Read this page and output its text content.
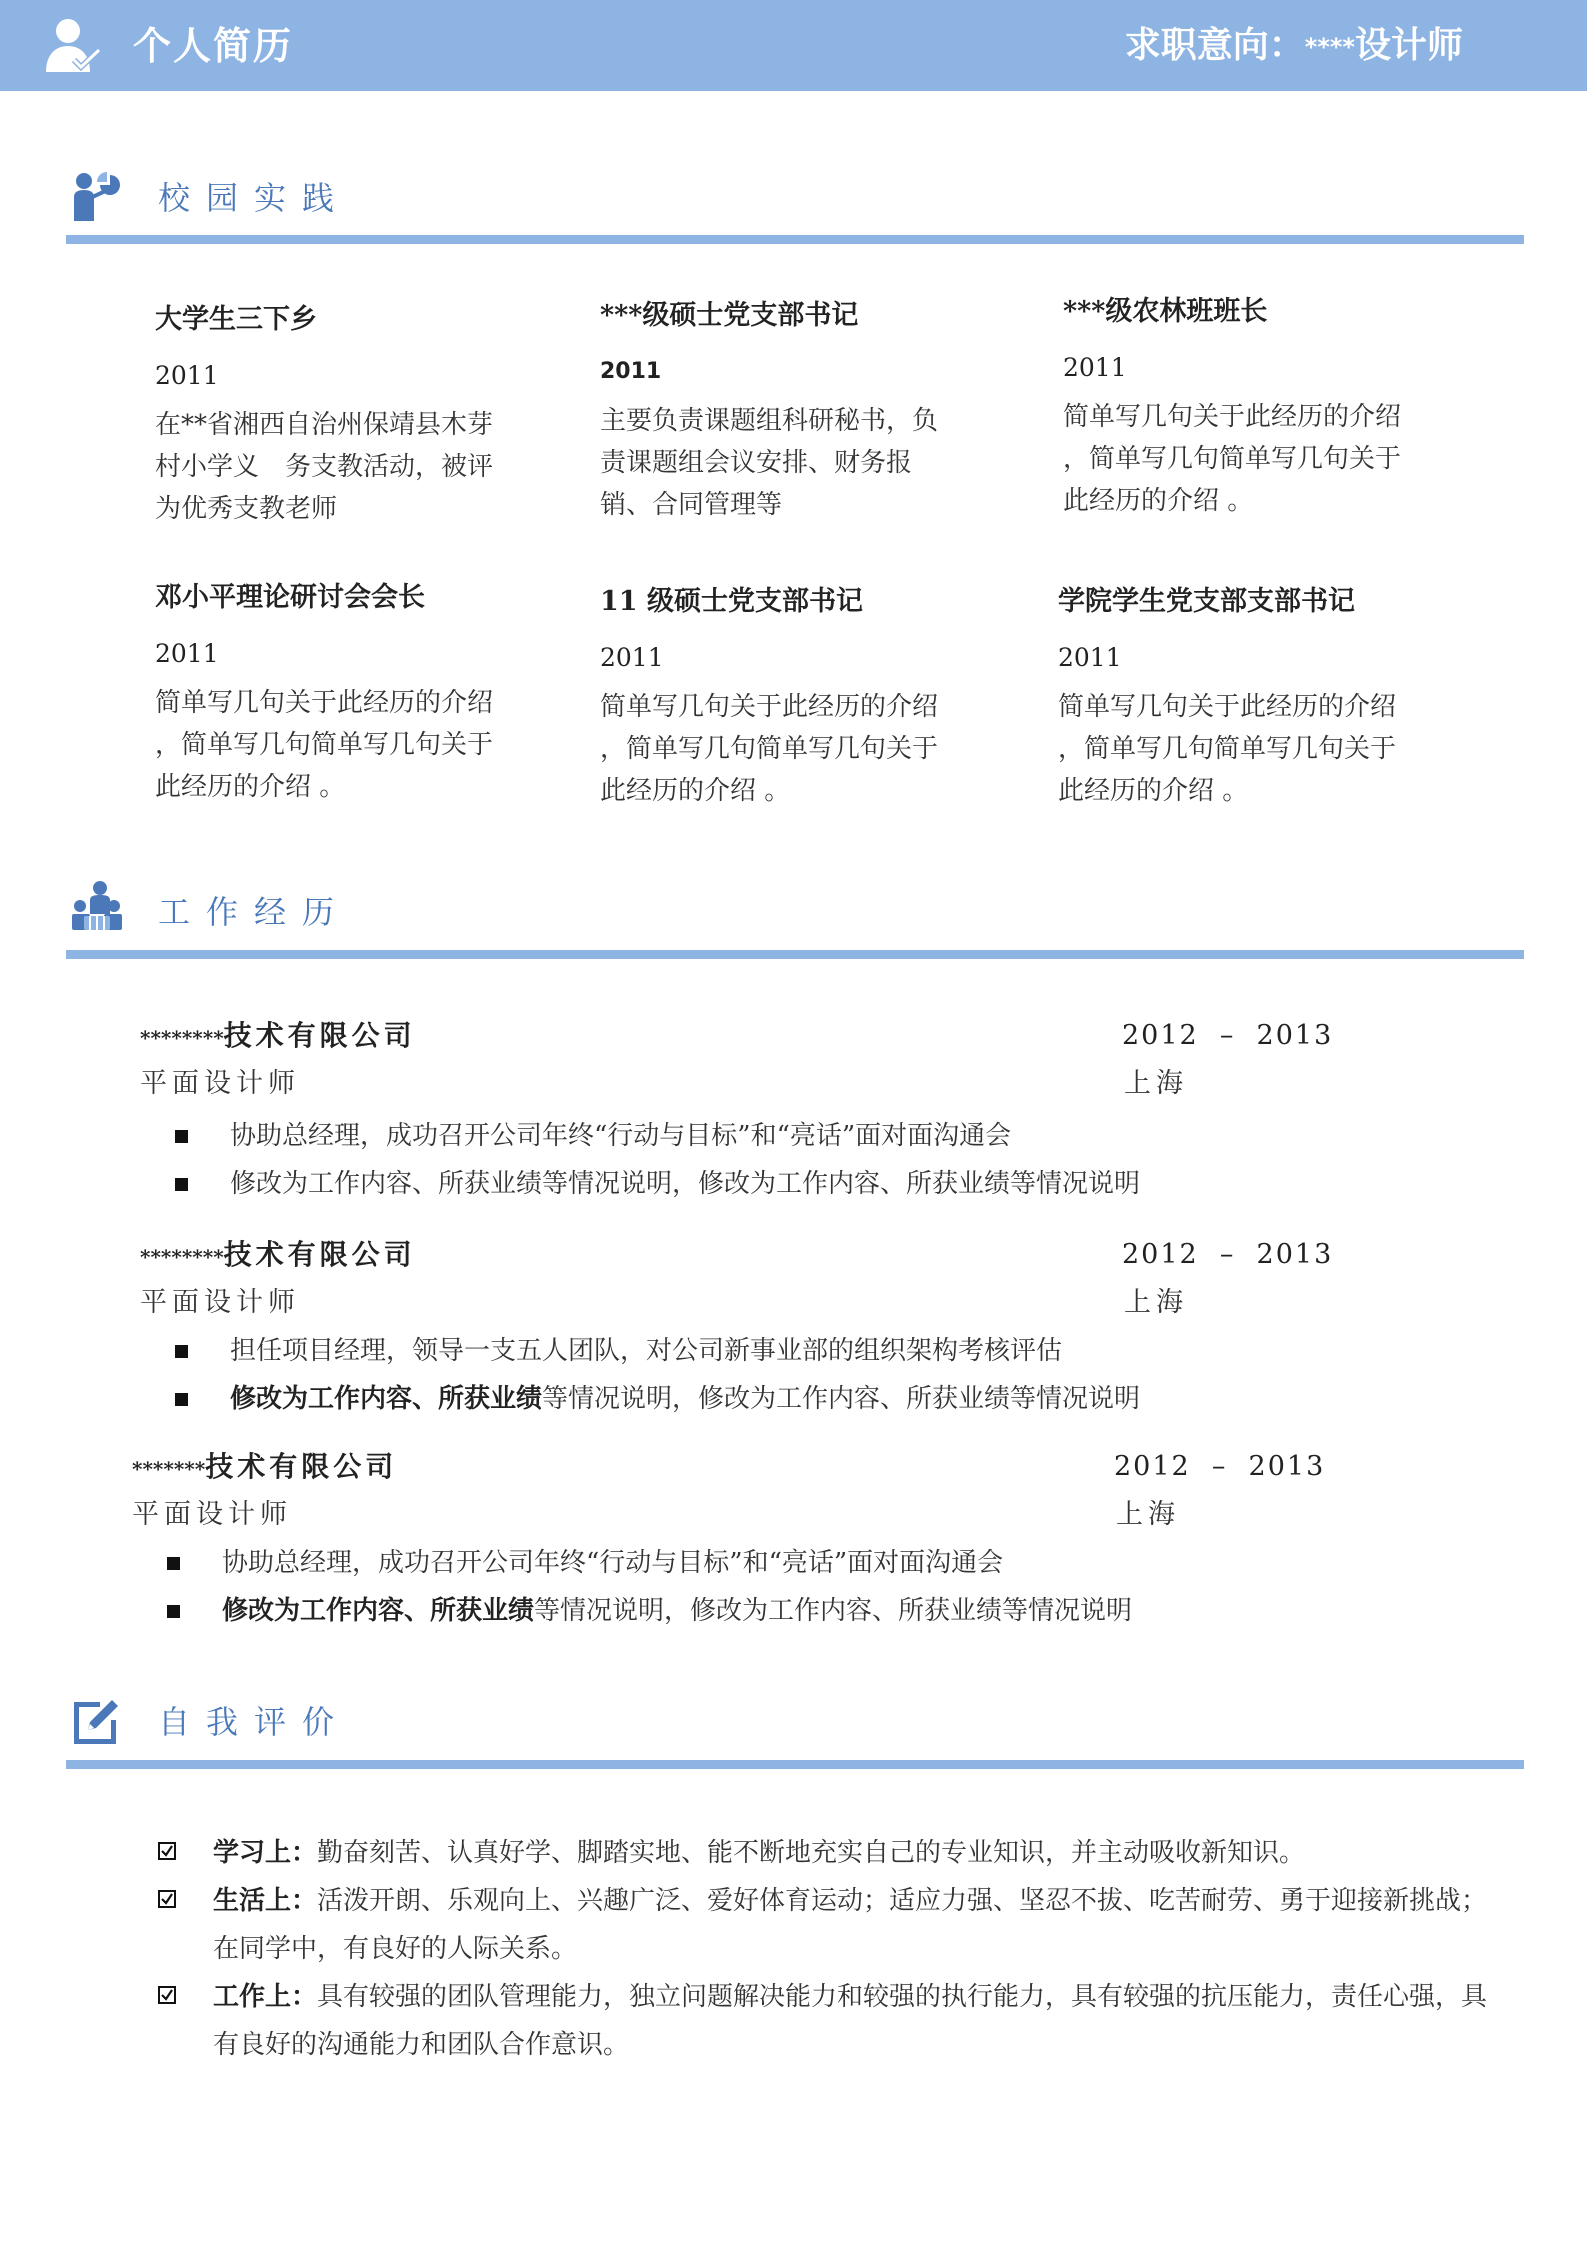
个人简历	求职意向：****设计师
校园实践
大学生三下乡
2011
在**省湘西自治州保靖县木芽村小学义　务支教活动，被评为优秀支教老师
***级硕士党支部书记
2011
主要负责课题组科研秘书，负责课题组会议安排、财务报销、合同管理等
***级农林班班长
2011
简单写几句关于此经历的介绍 ，简单写几句简单写几句关于此经历的介绍 。
邓小平理论研讨会会长
2011
简单写几句关于此经历的介绍 ，简单写几句简单写几句关于此经历的介绍 。
11 级硕士党支部书记
2011
简单写几句关于此经历的介绍 ，简单写几句简单写几句关于此经历的介绍 。
学院学生党支部支部书记
2011
简单写几句关于此经历的介绍 ，简单写几句简单写几句关于此经历的介绍 。
工作经历
********技术有限公司	2012  –  2013
平面设计师	上海
协助总经理，成功召开公司年终“行动与目标”和“亮话”面对面沟通会
修改为工作内容、所获业绩等情况说明，修改为工作内容、所获业绩等情况说明
********技术有限公司	2012  –  2013
平面设计师	上海
担任项目经理，领导一支五人团队，对公司新事业部的组织架构考核评估
修改为工作内容、所获业绩等情况说明，修改为工作内容、所获业绩等情况说明
*******技术有限公司	2012  –  2013
平面设计师	上海
协助总经理，成功召开公司年终“行动与目标”和“亮话”面对面沟通会
修改为工作内容、所获业绩等情况说明，修改为工作内容、所获业绩等情况说明
自我评价
学习上：勤奋刻苦、认真好学、脚踏实地、能不断地充实自己的专业知识，并主动吸收新知识。
生活上：活泼开朗、乐观向上、兴趣广泛、爱好体育运动；适应力强、坚忍不拔、吃苦耐劳、勇于迎接新挑战；在同学中，有良好的人际关系。
工作上：具有较强的团队管理能力，独立问题解决能力和较强的执行能力，具有较强的抗压能力，责任心强，具有良好的沟通能力和团队合作意识。
